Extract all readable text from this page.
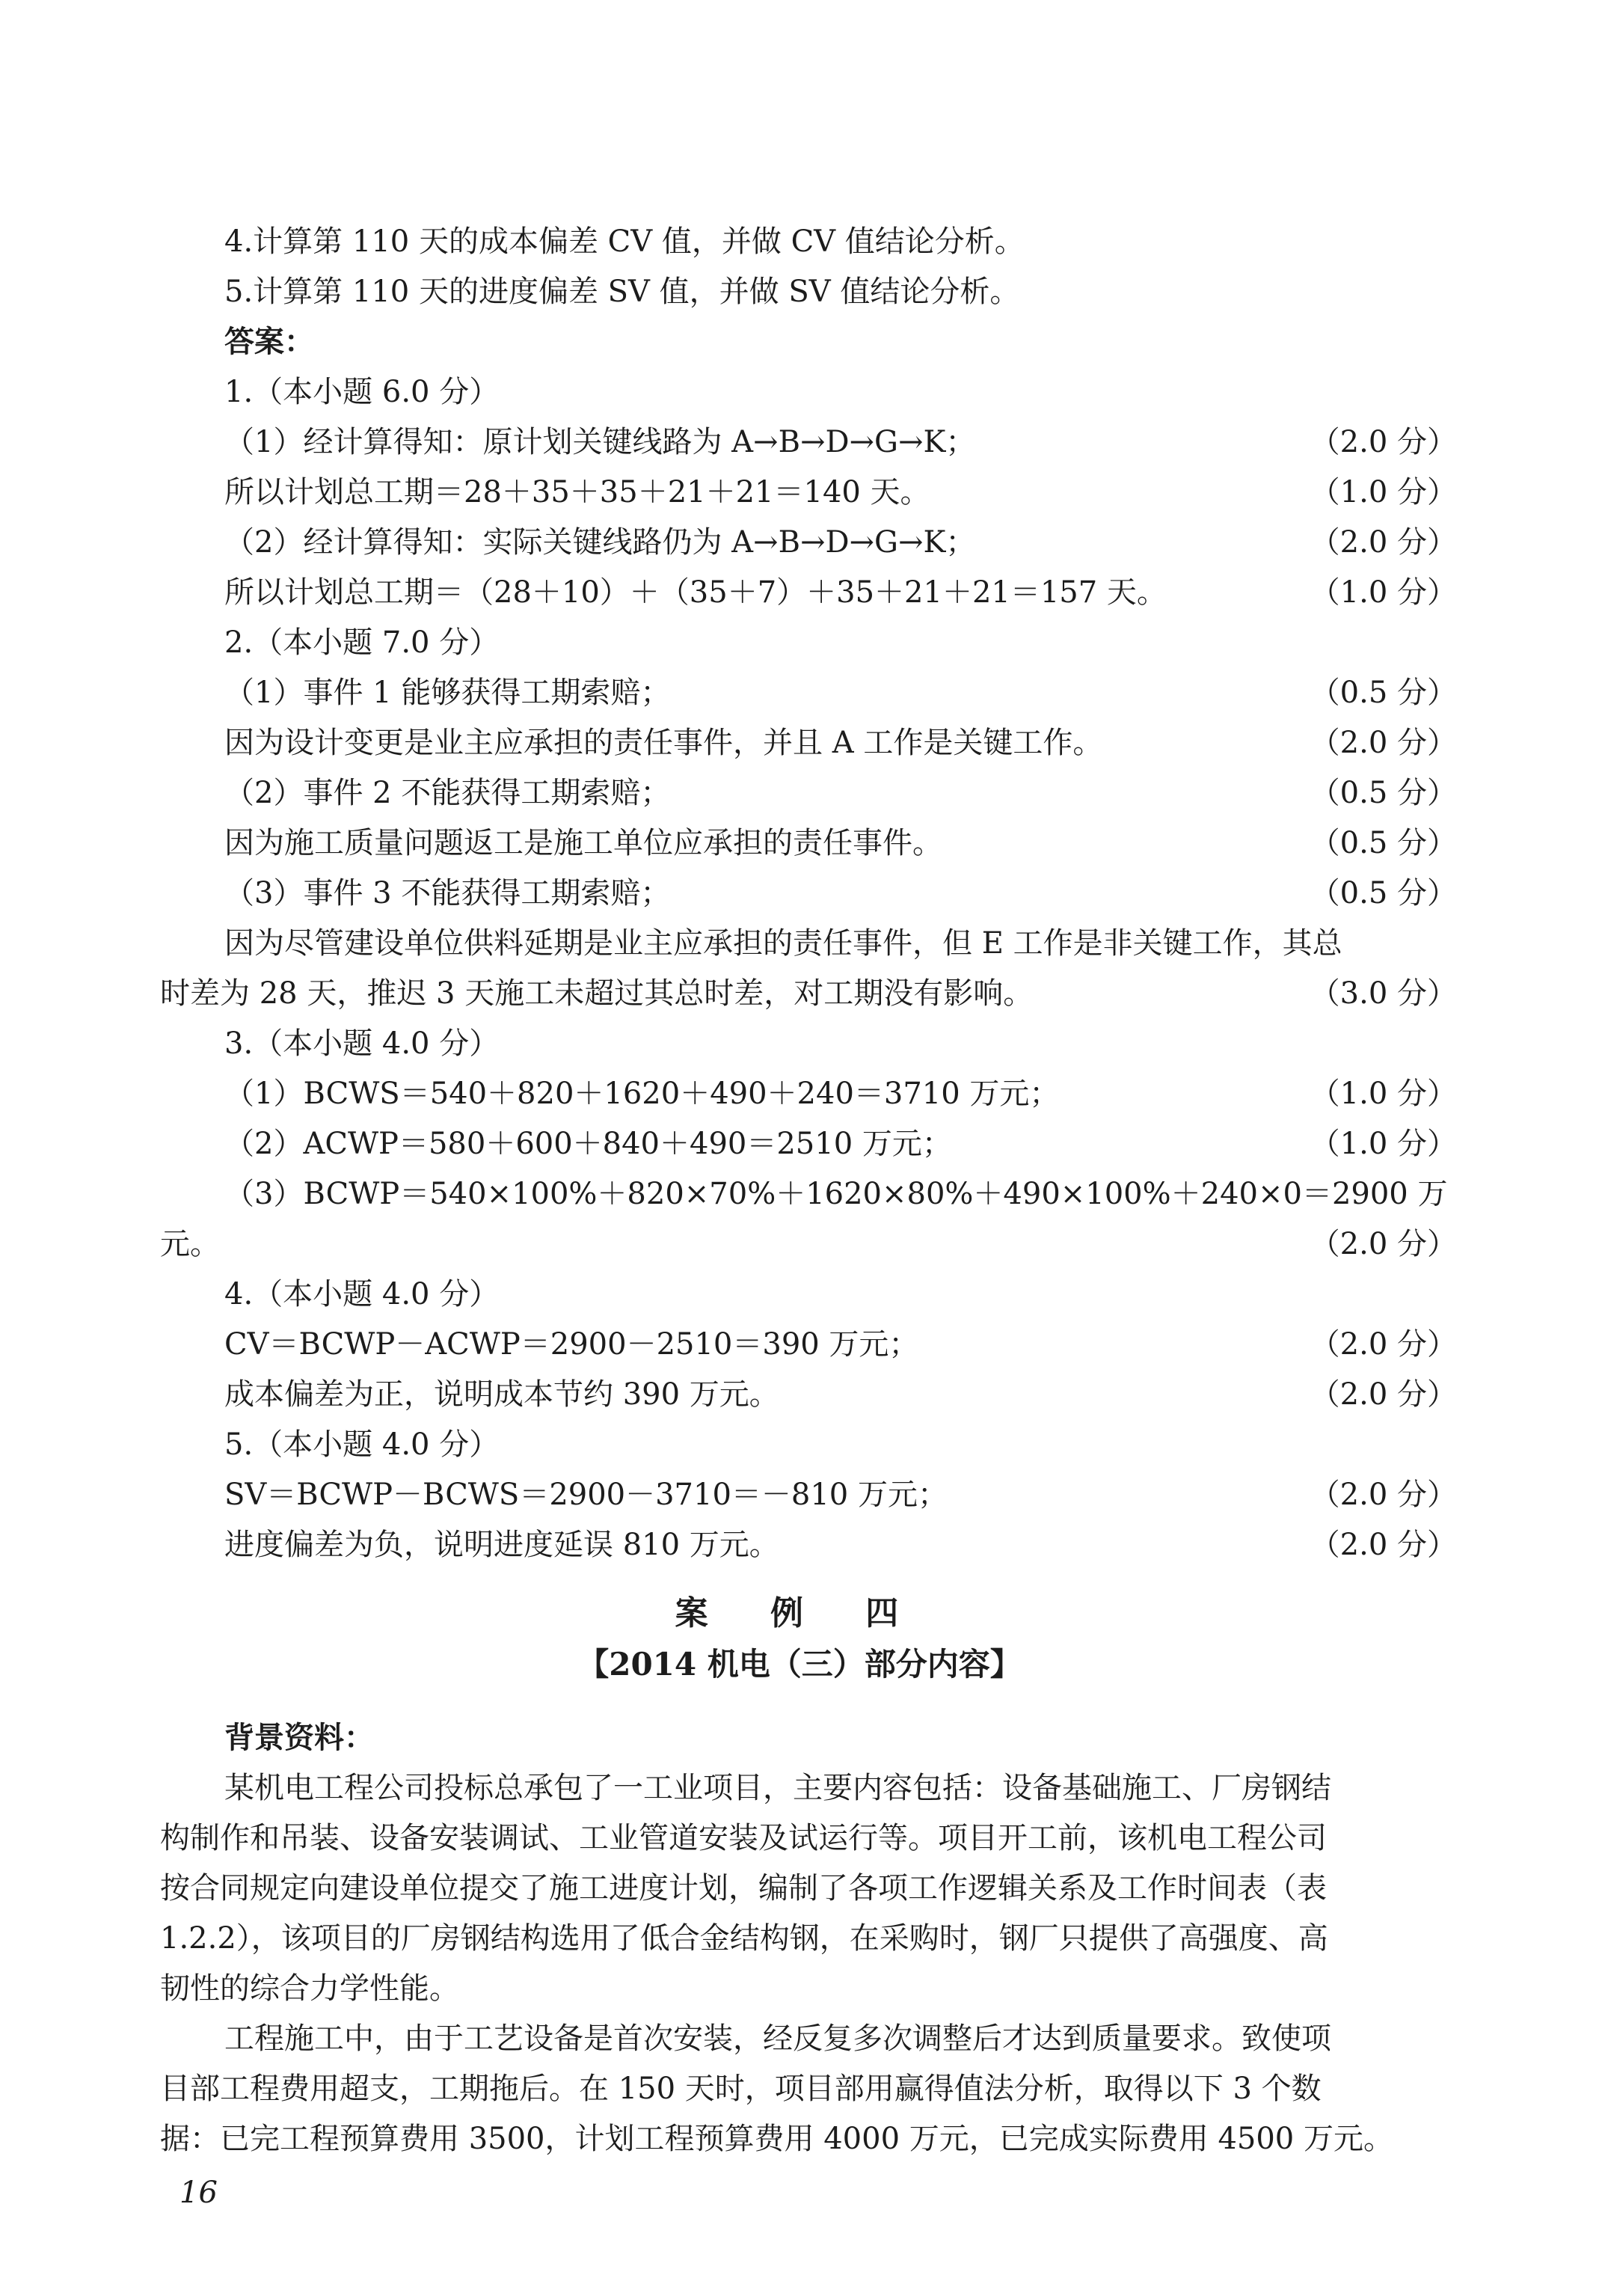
4.计算第 110 天的成本偏差 CV 值，并做 CV 值结论分析。
5.计算第 110 天的进度偏差 SV 值，并做 SV 值结论分析。
答案：
1.（本小题 6.0 分）
（1）经计算得知：原计划关键线路为 A→B→D→G→K；	（2.0 分）
所以计划总工期＝28＋35＋35＋21＋21＝140 天。	（1.0 分）
（2）经计算得知：实际关键线路仍为 A→B→D→G→K；	（2.0 分）
所以计划总工期＝（28＋10）＋（35＋7）＋35＋21＋21＝157 天。	（1.0 分）
2.（本小题 7.0 分）
（1）事件 1 能够获得工期索赔；	（0.5 分）
因为设计变更是业主应承担的责任事件，并且 A 工作是关键工作。	（2.0 分）
（2）事件 2 不能获得工期索赔；	（0.5 分）
因为施工质量问题返工是施工单位应承担的责任事件。	（0.5 分）
（3）事件 3 不能获得工期索赔；	（0.5 分）
因为尽管建设单位供料延期是业主应承担的责任事件，但 E 工作是非关键工作，其总
时差为 28 天，推迟 3 天施工未超过其总时差，对工期没有影响。	（3.0 分）
3.（本小题 4.0 分）
（1）BCWS＝540＋820＋1620＋490＋240＝3710 万元；	（1.0 分）
（2）ACWP＝580＋600＋840＋490＝2510 万元；	（1.0 分）
（3）BCWP＝540×100%＋820×70%＋1620×80%＋490×100%＋240×0＝2900 万
元。	（2.0 分）
4.（本小题 4.0 分）
CV＝BCWP－ACWP＝2900－2510＝390 万元；	（2.0 分）
成本偏差为正，说明成本节约 390 万元。	（2.0 分）
5.（本小题 4.0 分）
SV＝BCWP－BCWS＝2900－3710＝－810 万元；	（2.0 分）
进度偏差为负，说明进度延误 810 万元。	（2.0 分）
案 例 四
【2014 机电（三）部分内容】
背景资料：
某机电工程公司投标总承包了一工业项目，主要内容包括：设备基础施工、厂房钢结
构制作和吊装、设备安装调试、工业管道安装及试运行等。项目开工前，该机电工程公司
按合同规定向建设单位提交了施工进度计划，编制了各项工作逻辑关系及工作时间表（表
1.2.2），该项目的厂房钢结构选用了低合金结构钢，在采购时，钢厂只提供了高强度、高
韧性的综合力学性能。
工程施工中，由于工艺设备是首次安装，经反复多次调整后才达到质量要求。致使项
目部工程费用超支，工期拖后。在 150 天时，项目部用赢得值法分析，取得以下 3 个数
据：已完工程预算费用 3500，计划工程预算费用 4000 万元，已完成实际费用 4500 万元。
16
